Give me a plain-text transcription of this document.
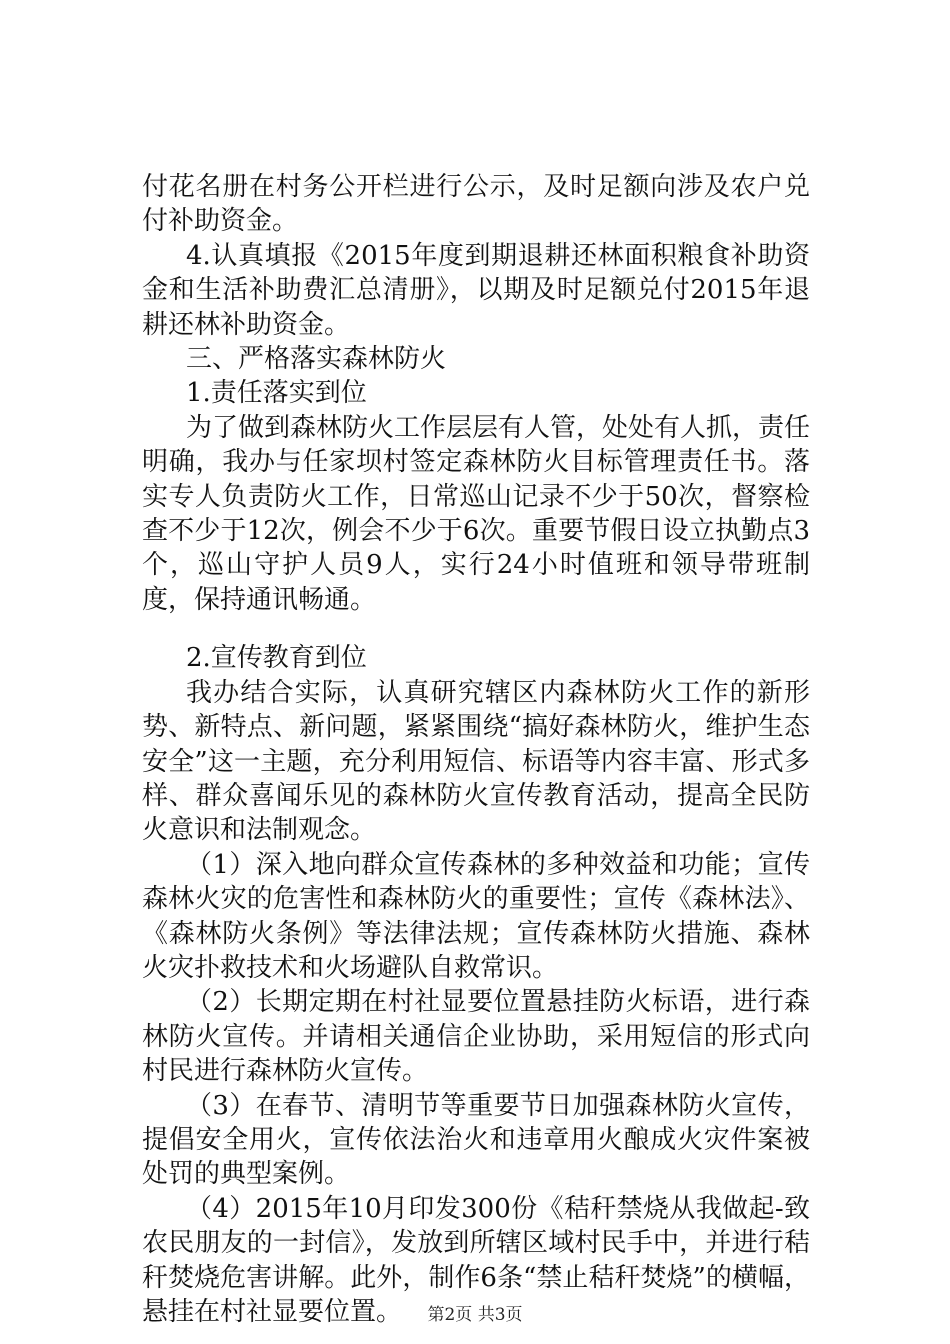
付花名册在村务公开栏进行公示，及时足额向涉及农户兑付补助资金。

4.认真填报《2015年度到期退耕还林面积粮食补助资金和生活补助费汇总清册》，以期及时足额兑付2015年退耕还林补助资金。

三、严格落实森林防火

1.责任落实到位

为了做到森林防火工作层层有人管，处处有人抓，责任明确，我办与任家坝村签定森林防火目标管理责任书。落实专人负责防火工作，日常巡山记录不少于50次，督察检查不少于12次，例会不少于6次。重要节假日设立执勤点3个，巡山守护人员9人，实行24小时值班和领导带班制度，保持通讯畅通。

2.宣传教育到位

我办结合实际，认真研究辖区内森林防火工作的新形势、新特点、新问题，紧紧围绕“搞好森林防火，维护生态安全”这一主题，充分利用短信、标语等内容丰富、形式多样、群众喜闻乐见的森林防火宣传教育活动，提高全民防火意识和法制观念。

（1）深入地向群众宣传森林的多种效益和功能；宣传森林火灾的危害性和森林防火的重要性；宣传《森林法》、《森林防火条例》等法律法规；宣传森林防火措施、森林火灾扑救技术和火场避队自救常识。

（2）长期定期在村社显要位置悬挂防火标语，进行森林防火宣传。并请相关通信企业协助，采用短信的形式向村民进行森林防火宣传。

（3）在春节、清明节等重要节日加强森林防火宣传，提倡安全用火，宣传依法治火和违章用火酿成火灾件案被处罚的典型案例。

（4）2015年10月印发300份《秸秆禁烧从我做起-致农民朋友的一封信》，发放到所辖区域村民手中，并进行秸秆焚烧危害讲解。此外，制作6条“禁止秸秆焚烧”的横幅，悬挂在村社显要位置。	第2页 共3页
